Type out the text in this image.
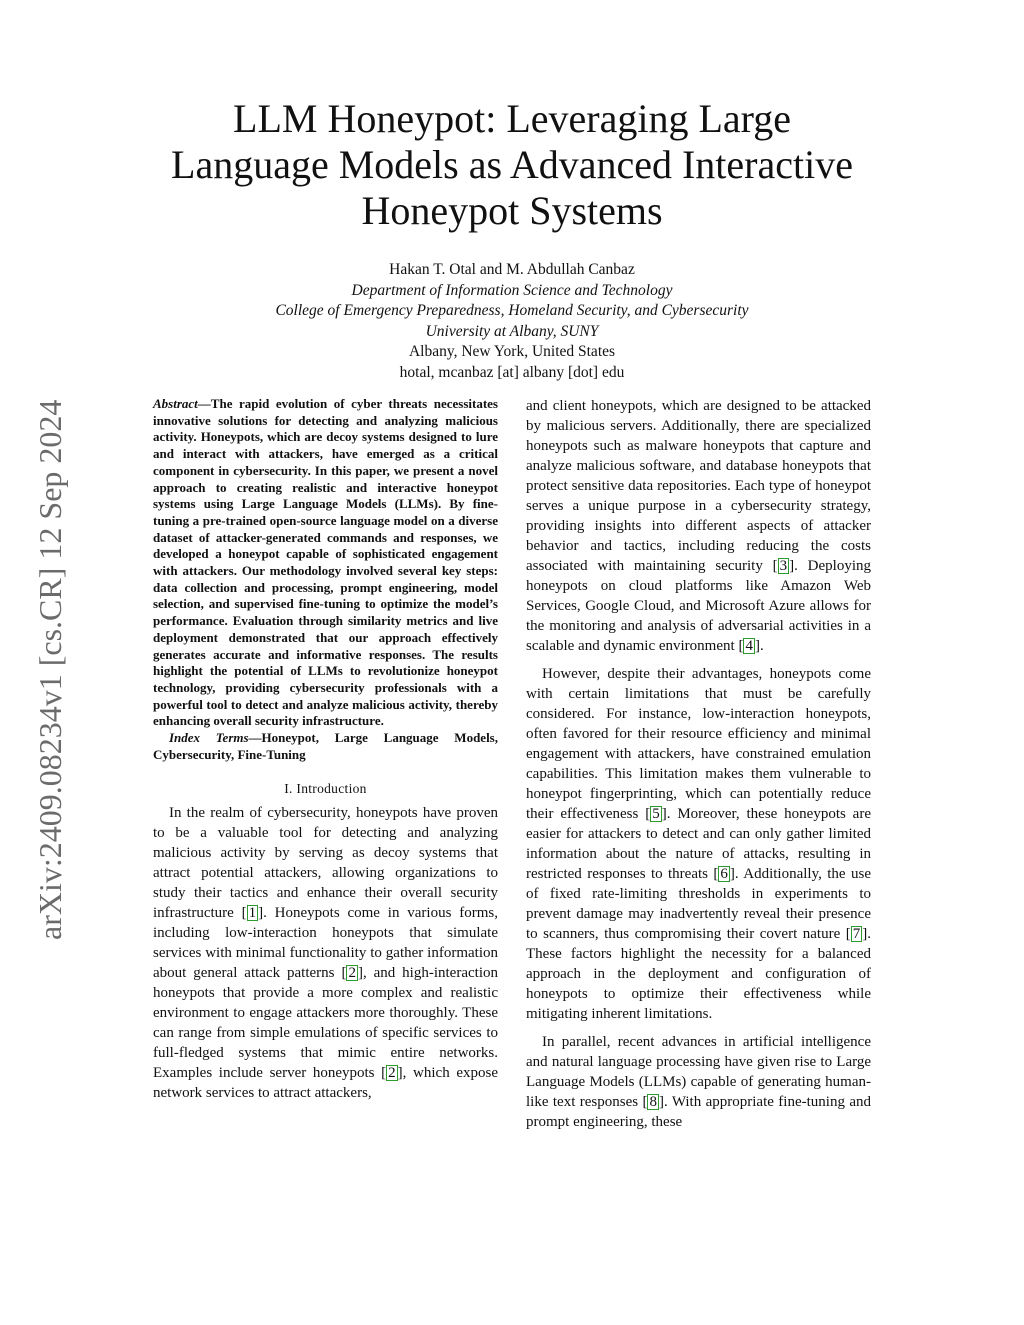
arXiv:2409.08234v1 [cs.CR] 12 Sep 2024
LLM Honeypot: Leveraging Large
Language Models as Advanced Interactive
Honeypot Systems
Hakan T. Otal and M. Abdullah Canbaz
Department of Information Science and Technology
College of Emergency Preparedness, Homeland Security, and Cybersecurity
University at Albany, SUNY
Albany, New York, United States
hotal, mcanbaz [at] albany [dot] edu

Abstract—The rapid evolution of cyber threats necessitates innovative solutions for detecting and analyzing malicious activity. Honeypots, which are decoy systems designed to lure and interact with attackers, have emerged as a critical component in cybersecurity. In this paper, we present a novel approach to creating realistic and interactive honeypot systems using Large Language Models (LLMs). By fine-tuning a pre-trained open-source language model on a diverse dataset of attacker-generated commands and responses, we developed a honeypot capable of sophisticated engagement with attackers. Our methodology involved several key steps: data collection and processing, prompt engineering, model selection, and supervised fine-tuning to optimize the model’s performance. Evaluation through similarity metrics and live deployment demonstrated that our approach effectively generates accurate and informative responses. The results highlight the potential of LLMs to revolutionize honeypot technology, providing cybersecurity professionals with a powerful tool to detect and analyze malicious activity, thereby enhancing overall security infrastructure.

Index Terms—Honeypot, Large Language Models, Cybersecurity, Fine-Tuning

I. Introduction

In the realm of cybersecurity, honeypots have proven to be a valuable tool for detecting and analyzing malicious activity by serving as decoy systems that attract potential attackers, allowing organizations to study their tactics and enhance their overall security infrastructure [ 1 ]. Honeypots come in various forms, including low-interaction honeypots that simulate services with minimal functionality to gather information about general attack patterns [ 2 ], and high-interaction honeypots that provide a more complex and realistic environment to engage attackers more thoroughly. These can range from simple emulations of specific services to full-fledged systems that mimic entire networks. Examples include server honeypots [ 2 ], which expose network services to attract attackers,

and client honeypots, which are designed to be attacked by malicious servers. Additionally, there are specialized honeypots such as malware honeypots that capture and analyze malicious software, and database honeypots that protect sensitive data repositories. Each type of honeypot serves a unique purpose in a cybersecurity strategy, providing insights into different aspects of attacker behavior and tactics, including reducing the costs associated with maintaining security [ 3 ]. Deploying honeypots on cloud platforms like Amazon Web Services, Google Cloud, and Microsoft Azure allows for the monitoring and analysis of adversarial activities in a scalable and dynamic environment [ 4 ].

However, despite their advantages, honeypots come with certain limitations that must be carefully considered. For instance, low-interaction honeypots, often favored for their resource efficiency and minimal engagement with attackers, have constrained emulation capabilities. This limitation makes them vulnerable to honeypot fingerprinting, which can potentially reduce their effectiveness [ 5 ]. Moreover, these honeypots are easier for attackers to detect and can only gather limited information about the nature of attacks, resulting in restricted responses to threats [ 6 ]. Additionally, the use of fixed rate-limiting thresholds in experiments to prevent damage may inadvertently reveal their presence to scanners, thus compromising their covert nature [ 7 ]. These factors highlight the necessity for a balanced approach in the deployment and configuration of honeypots to optimize their effectiveness while mitigating inherent limitations.

In parallel, recent advances in artificial intelligence and natural language processing have given rise to Large Language Models (LLMs) capable of generating human-like text responses [ 8 ]. With appropriate fine-tuning and prompt engineering, these
